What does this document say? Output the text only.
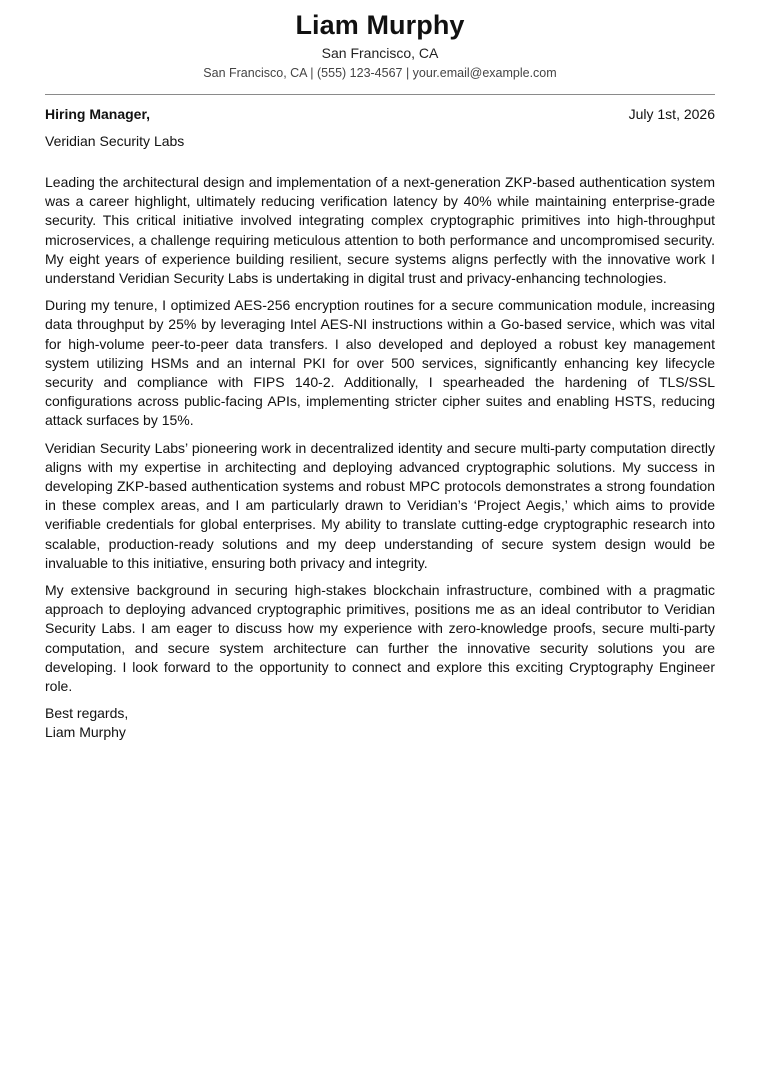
Liam Murphy
San Francisco, CA
San Francisco, CA | (555) 123-4567 | your.email@example.com
Hiring Manager,	July 1st, 2026
Veridian Security Labs

Leading the architectural design and implementation of a next-generation ZKP-based authentication system was a career highlight, ultimately reducing verification latency by 40% while maintaining enterprise-grade security. This critical initiative involved integrating complex cryptographic primitives into high-throughput microservices, a challenge requiring meticulous attention to both performance and uncompromised security. My eight years of experience building resilient, secure systems aligns perfectly with the innovative work I understand Veridian Security Labs is undertaking in digital trust and privacy-enhancing technologies.

During my tenure, I optimized AES-256 encryption routines for a secure communication module, increasing data throughput by 25% by leveraging Intel AES-NI instructions within a Go-based service, which was vital for high-volume peer-to-peer data transfers. I also developed and deployed a robust key management system utilizing HSMs and an internal PKI for over 500 services, significantly enhancing key lifecycle security and compliance with FIPS 140-2. Additionally, I spearheaded the hardening of TLS/SSL configurations across public-facing APIs, implementing stricter cipher suites and enabling HSTS, reducing attack surfaces by 15%.

Veridian Security Labs’ pioneering work in decentralized identity and secure multi-party computation directly aligns with my expertise in architecting and deploying advanced cryptographic solutions. My success in developing ZKP-based authentication systems and robust MPC protocols demonstrates a strong foundation in these complex areas, and I am particularly drawn to Veridian’s ‘Project Aegis,’ which aims to provide verifiable credentials for global enterprises. My ability to translate cutting-edge cryptographic research into scalable, production-ready solutions and my deep understanding of secure system design would be invaluable to this initiative, ensuring both privacy and integrity.

My extensive background in securing high-stakes blockchain infrastructure, combined with a pragmatic approach to deploying advanced cryptographic primitives, positions me as an ideal contributor to Veridian Security Labs. I am eager to discuss how my experience with zero-knowledge proofs, secure multi-party computation, and secure system architecture can further the innovative security solutions you are developing. I look forward to the opportunity to connect and explore this exciting Cryptography Engineer role.

Best regards,
Liam Murphy
